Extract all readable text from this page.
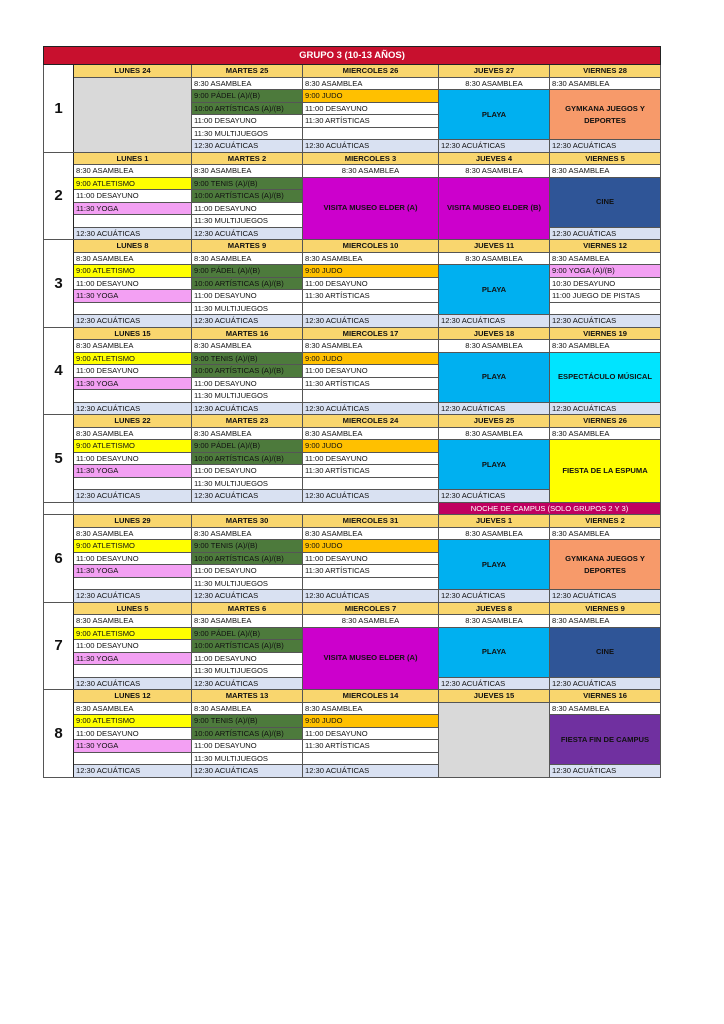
GRUPO 3 (10-13 AÑOS)					
1	LUNES 24	MARTES 25	MIERCOLES 26	JUEVES 27	VIERNES 28
		8:30 ASAMBLEA	8:30 ASAMBLEA	8:30 ASAMBLEA	8:30 ASAMBLEA
		9:00 PÁDEL (A)/(B)	9:00 JUDO	PLAYA	GYMKANA JUEGOS Y DEPORTES
		10:00 ARTÍSTICAS (A)/(B)	11:00 DESAYUNO		
		11:00 DESAYUNO	11:30 ARTÍSTICAS		
		11:30 MULTIJUEGOS			
		12:30 ACUÁTICAS	12:30 ACUÁTICAS	12:30 ACUÁTICAS	12:30 ACUÁTICAS
2	LUNES 1	MARTES 2	MIERCOLES 3	JUEVES 4	VIERNES 5
	8:30 ASAMBLEA	8:30 ASAMBLEA	8:30 ASAMBLEA	8:30 ASAMBLEA	8:30 ASAMBLEA
	9:00 ATLETISMO	9:00 TENIS (A)/(B)	VISITA MUSEO ELDER (A)	VISITA MUSEO ELDER (B)	CINE
	11:00 DESAYUNO	10:00 ARTÍSTICAS (A)/(B)			
	11:30 YOGA	11:00 DESAYUNO			
		11:30 MULTIJUEGOS			
	12:30 ACUÁTICAS	12:30 ACUÁTICAS			12:30 ACUÁTICAS
3	LUNES 8	MARTES 9	MIERCOLES 10	JUEVES 11	VIERNES 12
	8:30 ASAMBLEA	8:30 ASAMBLEA	8:30 ASAMBLEA	8:30 ASAMBLEA	8:30 ASAMBLEA
	9:00 ATLETISMO	9:00 PÁDEL (A)/(B)	9:00 JUDO	PLAYA	9:00 YOGA (A)/(B)
	11:00 DESAYUNO	10:00 ARTÍSTICAS (A)/(B)	11:00 DESAYUNO		10:30 DESAYUNO
	11:30 YOGA	11:00 DESAYUNO	11:30 ARTÍSTICAS		11:00 JUEGO DE PISTAS
		11:30 MULTIJUEGOS			
	12:30 ACUÁTICAS	12:30 ACUÁTICAS	12:30 ACUÁTICAS	12:30 ACUÁTICAS	12:30 ACUÁTICAS
4	LUNES 15	MARTES 16	MIERCOLES 17	JUEVES 18	VIERNES 19
	8:30 ASAMBLEA	8:30 ASAMBLEA	8:30 ASAMBLEA	8:30 ASAMBLEA	8:30 ASAMBLEA
	9:00 ATLETISMO	9:00 TENIS (A)/(B)	9:00 JUDO	PLAYA	ESPECTÁCULO MÚSICAL
	11:00 DESAYUNO	10:00 ARTÍSTICAS (A)/(B)	11:00 DESAYUNO		
	11:30 YOGA	11:00 DESAYUNO	11:30 ARTÍSTICAS		
		11:30 MULTIJUEGOS			
	12:30 ACUÁTICAS	12:30 ACUÁTICAS	12:30 ACUÁTICAS	12:30 ACUÁTICAS	12:30 ACUÁTICAS
5	LUNES 22	MARTES 23	MIERCOLES 24	JUEVES 25	VIERNES 26
	8:30 ASAMBLEA	8:30 ASAMBLEA	8:30 ASAMBLEA	8:30 ASAMBLEA	8:30 ASAMBLEA
	9:00 ATLETISMO	9:00 PÁDEL (A)/(B)	9:00 JUDO	PLAYA	FIESTA DE LA ESPUMA
	11:00 DESAYUNO	10:00 ARTÍSTICAS (A)/(B)	11:00 DESAYUNO		
	11:30 YOGA	11:00 DESAYUNO	11:30 ARTÍSTICAS		
		11:30 MULTIJUEGOS			
	12:30 ACUÁTICAS	12:30 ACUÁTICAS	12:30 ACUÁTICAS	12:30 ACUÁTICAS	
				NOCHE DE CAMPUS (SOLO GRUPOS 2 Y 3)	
6	LUNES 29	MARTES 30	MIERCOLES 31	JUEVES 1	VIERNES 2
	8:30 ASAMBLEA	8:30 ASAMBLEA	8:30 ASAMBLEA	8:30 ASAMBLEA	8:30 ASAMBLEA
	9:00 ATLETISMO	9:00 TENIS (A)/(B)	9:00 JUDO	PLAYA	GYMKANA JUEGOS Y DEPORTES
	11:00 DESAYUNO	10:00 ARTÍSTICAS (A)/(B)	11:00 DESAYUNO		
	11:30 YOGA	11:00 DESAYUNO	11:30 ARTÍSTICAS		
		11:30 MULTIJUEGOS			
	12:30 ACUÁTICAS	12:30 ACUÁTICAS	12:30 ACUÁTICAS	12:30 ACUÁTICAS	12:30 ACUÁTICAS
7	LUNES 5	MARTES 6	MIERCOLES 7	JUEVES 8	VIERNES 9
	8:30 ASAMBLEA	8:30 ASAMBLEA	8:30 ASAMBLEA	8:30 ASAMBLEA	8:30 ASAMBLEA
	9:00 ATLETISMO	9:00 PÁDEL (A)/(B)	VISITA MUSEO ELDER (A)	PLAYA	CINE
	11:00 DESAYUNO	10:00 ARTÍSTICAS (A)/(B)			
	11:30 YOGA	11:00 DESAYUNO			
		11:30 MULTIJUEGOS			
	12:30 ACUÁTICAS	12:30 ACUÁTICAS		12:30 ACUÁTICAS	12:30 ACUÁTICAS
8	LUNES 12	MARTES 13	MIERCOLES 14	JUEVES 15	VIERNES 16
	8:30 ASAMBLEA	8:30 ASAMBLEA	8:30 ASAMBLEA		8:30 ASAMBLEA
	9:00 ATLETISMO	9:00 TENIS (A)/(B)	9:00 JUDO		FIESTA FIN DE CAMPUS
	11:00 DESAYUNO	10:00 ARTÍSTICAS (A)/(B)	11:00 DESAYUNO		
	11:30 YOGA	11:00 DESAYUNO	11:30 ARTÍSTICAS		
		11:30 MULTIJUEGOS			
	12:30 ACUÁTICAS	12:30 ACUÁTICAS	12:30 ACUÁTICAS		12:30 ACUÁTICAS
